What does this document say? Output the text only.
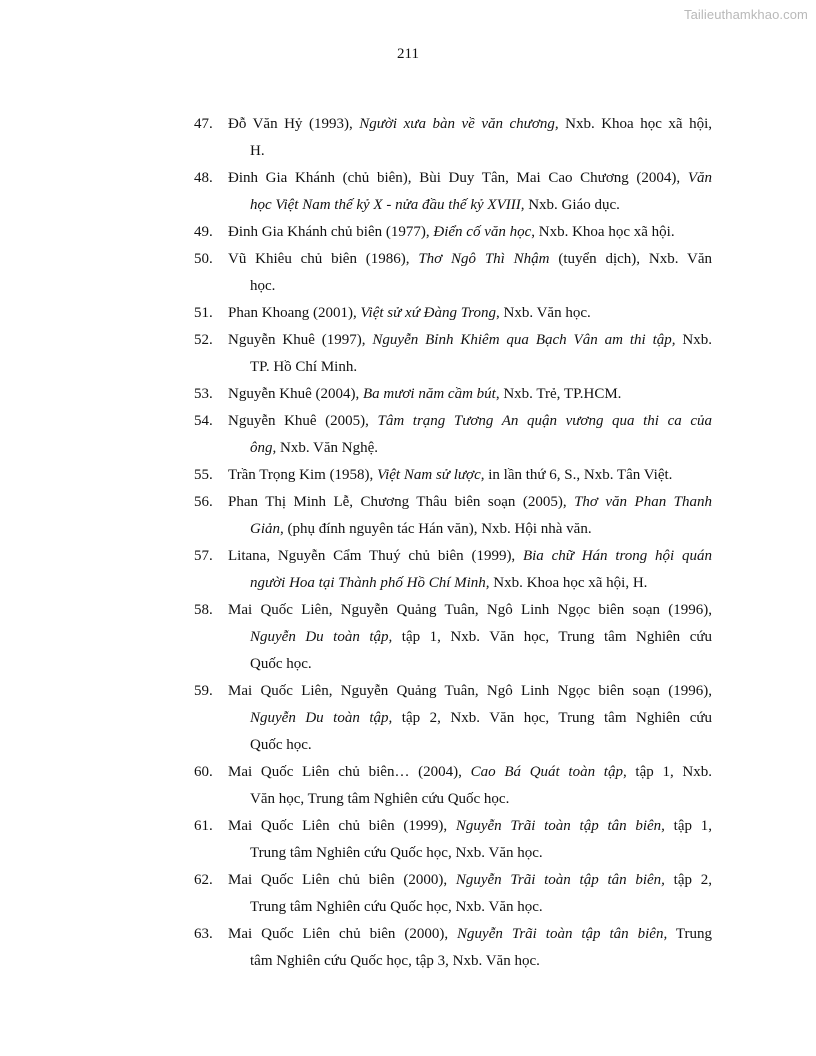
Tailieuthamkhao.com
211
47. Đỗ Văn Hỷ (1993), Người xưa bàn về văn chương, Nxb. Khoa học xã hội,
H.
48. Đinh Gia Khánh (chủ biên), Bùi Duy Tân, Mai Cao Chương (2004), Văn
học Việt Nam thế kỷ X - nửa đầu thế kỷ XVIII, Nxb. Giáo dục.
49. Đinh Gia Khánh chủ biên (1977), Điển cố văn học, Nxb. Khoa học xã hội.
50. Vũ Khiêu chủ biên (1986), Thơ Ngô Thì Nhậm (tuyển dịch), Nxb. Văn
học.
51. Phan Khoang (2001), Việt sử xứ Đàng Trong, Nxb. Văn học.
52. Nguyễn Khuê (1997), Nguyễn Bỉnh Khiêm qua Bạch Vân am thi tập, Nxb.
TP. Hồ Chí Minh.
53. Nguyễn Khuê (2004), Ba mươi năm cầm bút, Nxb. Trẻ, TP.HCM.
54. Nguyễn Khuê (2005), Tâm trạng Tương An quận vương qua thi ca của
ông, Nxb. Văn Nghệ.
55. Trần Trọng Kim (1958), Việt Nam sử lược, in lần thứ 6, S., Nxb. Tân Việt.
56. Phan Thị Minh Lễ, Chương Thâu biên soạn (2005), Thơ văn Phan Thanh
Giản, (phụ đính nguyên tác Hán văn), Nxb. Hội nhà văn.
57. Litana, Nguyễn Cẩm Thuý chủ biên (1999), Bia chữ Hán trong hội quán
người Hoa tại Thành phố Hồ Chí Minh, Nxb. Khoa học xã hội, H.
58. Mai Quốc Liên, Nguyễn Quảng Tuân, Ngô Linh Ngọc biên soạn (1996),
Nguyễn Du toàn tập, tập 1, Nxb. Văn học, Trung tâm Nghiên cứu
Quốc học.
59. Mai Quốc Liên, Nguyễn Quảng Tuân, Ngô Linh Ngọc biên soạn (1996),
Nguyễn Du toàn tập, tập 2, Nxb. Văn học, Trung tâm Nghiên cứu
Quốc học.
60. Mai Quốc Liên chủ biên… (2004), Cao Bá Quát toàn tập, tập 1, Nxb.
Văn học, Trung tâm Nghiên cứu Quốc học.
61. Mai Quốc Liên chủ biên (1999), Nguyễn Trãi toàn tập tân biên, tập 1,
Trung tâm Nghiên cứu Quốc học, Nxb. Văn học.
62. Mai Quốc Liên chủ biên (2000), Nguyễn Trãi toàn tập tân biên, tập 2,
Trung tâm Nghiên cứu Quốc học, Nxb. Văn học.
63. Mai Quốc Liên chủ biên (2000), Nguyễn Trãi toàn tập tân biên, Trung
tâm Nghiên cứu Quốc học, tập 3, Nxb. Văn học.
